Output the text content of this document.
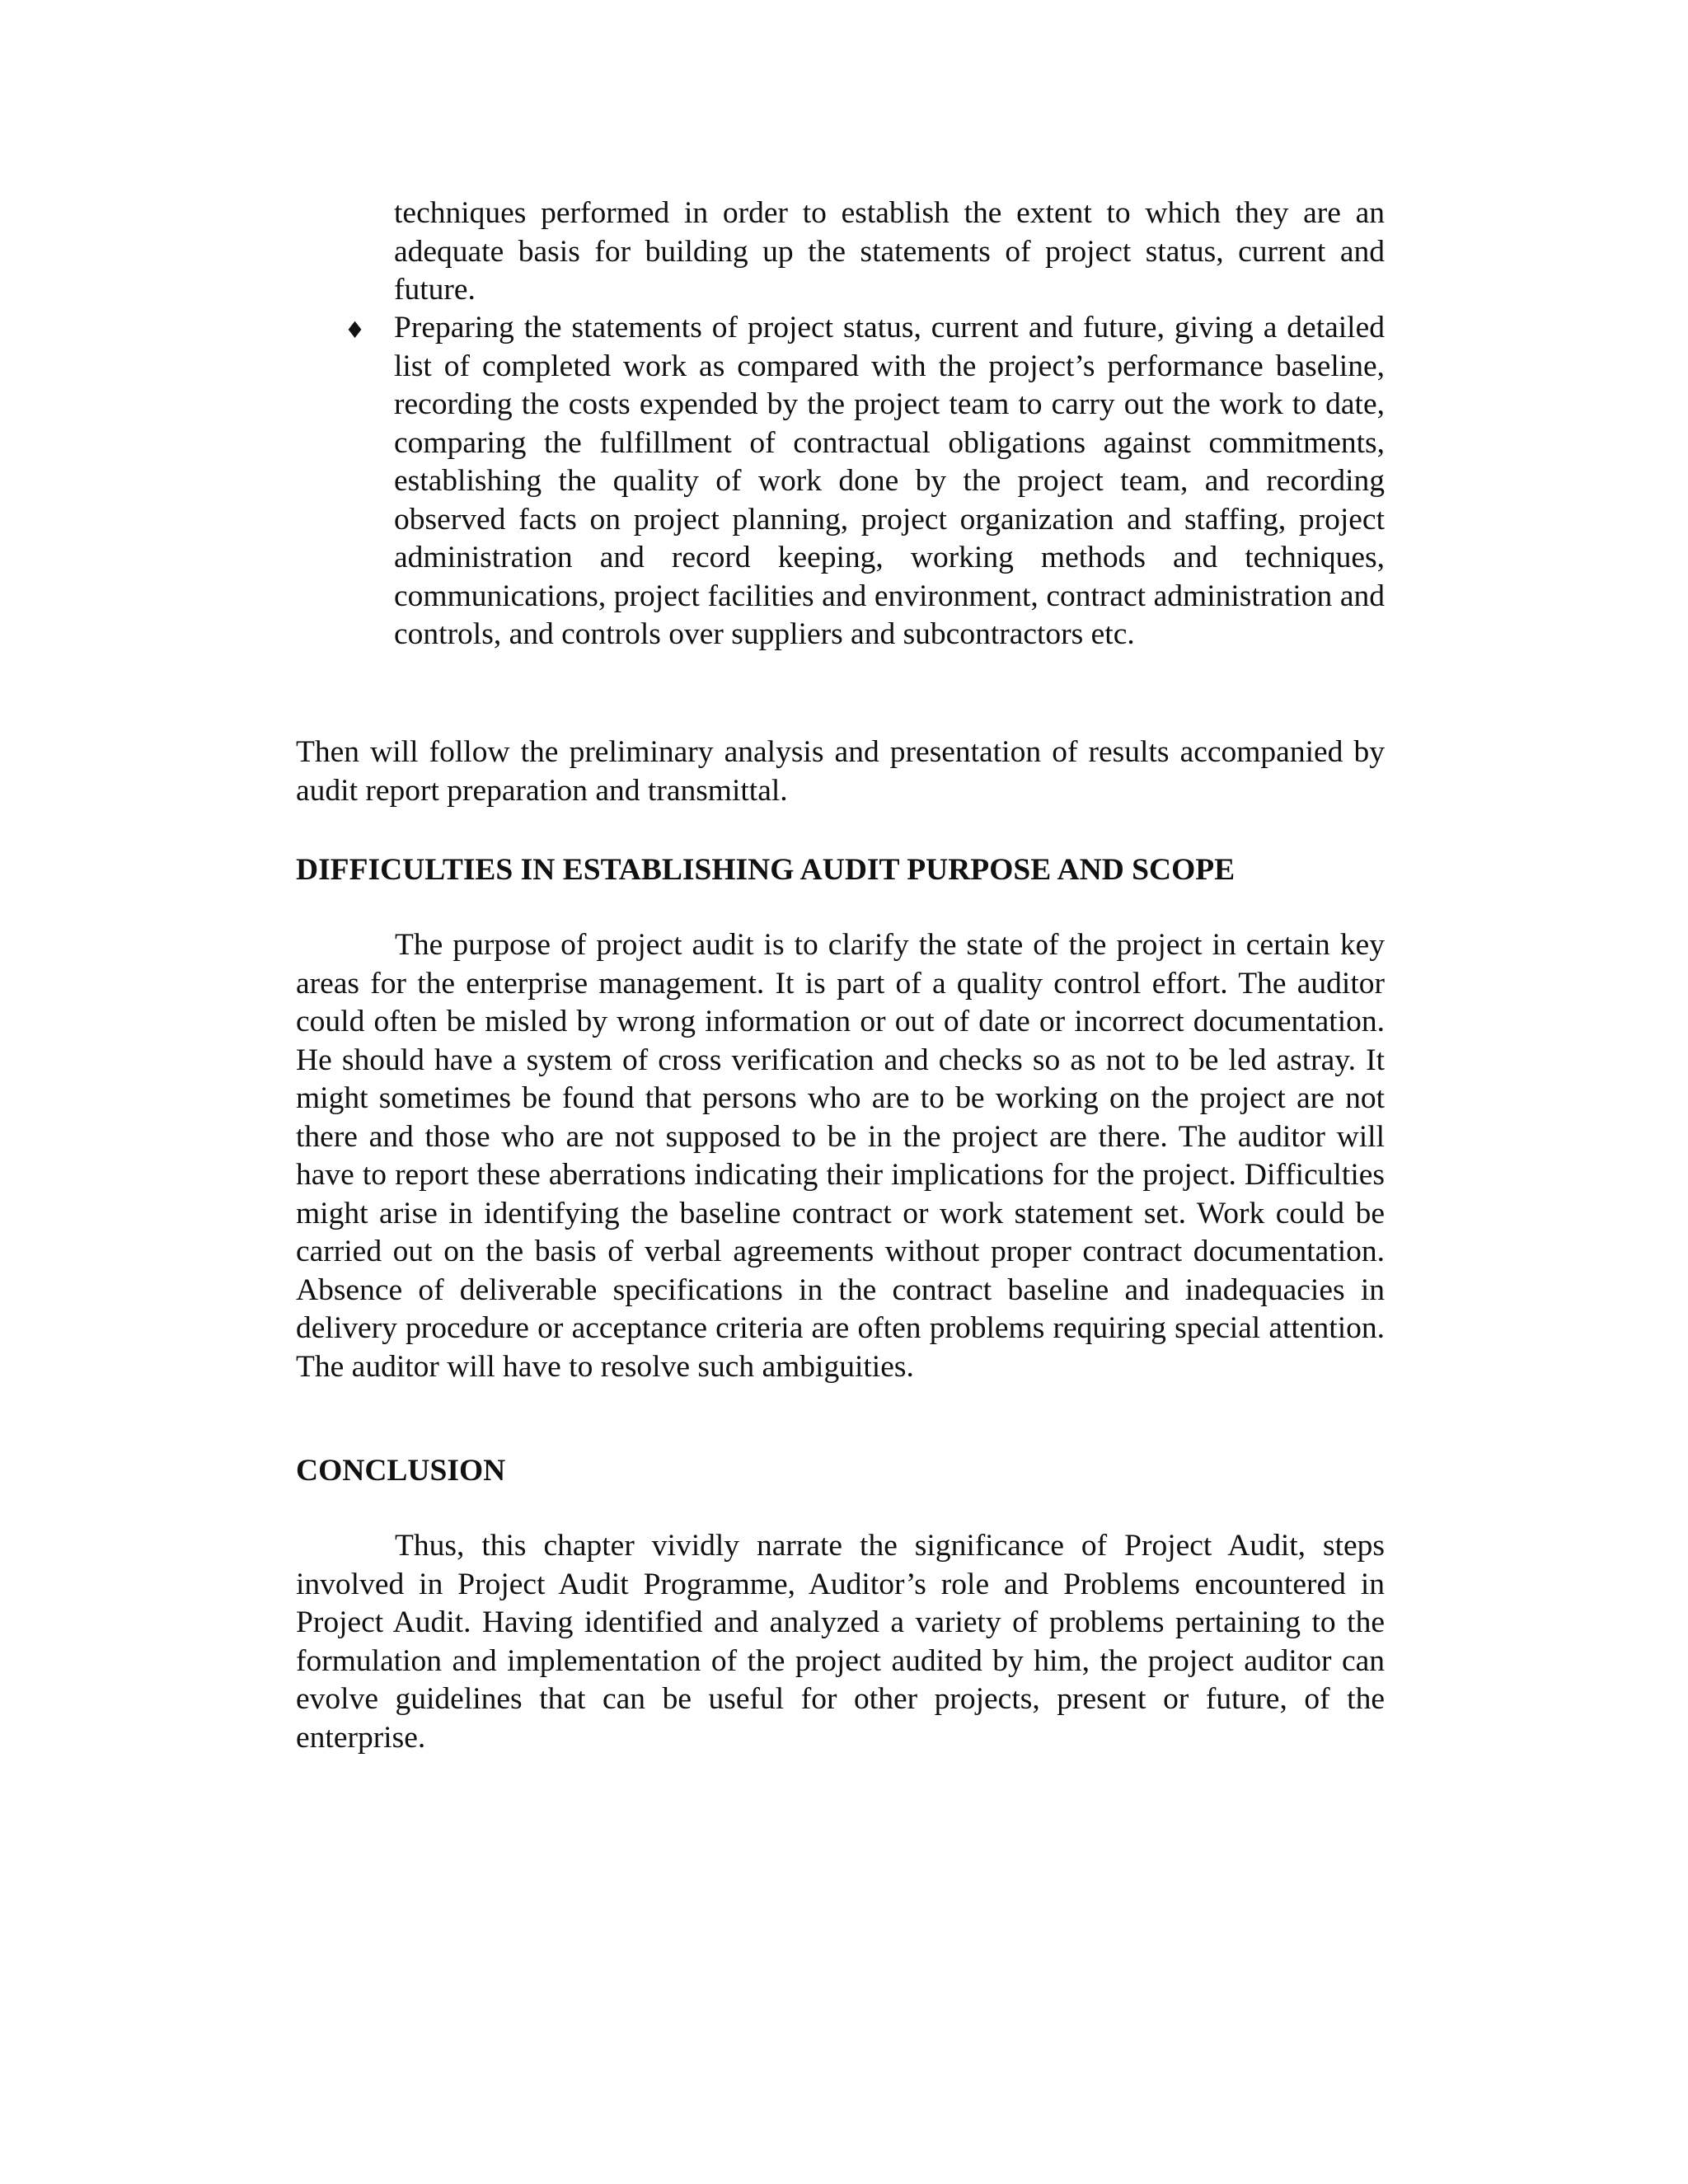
techniques performed in order to establish the extent to which they are an adequate basis for building up the statements of project status, current and future.

♦ Preparing the statements of project status, current and future, giving a detailed list of completed work as compared with the project’s performance baseline, recording the costs expended by the project team to carry out the work to date, comparing the fulfillment of contractual obligations against commitments, establishing the quality of work done by the project team, and recording observed facts on project planning, project organization and staffing, project administration and record keeping, working methods and techniques, communications, project facilities and environment, contract administration and controls, and controls over suppliers and subcontractors etc.

Then will follow the preliminary analysis and presentation of results accompanied by audit report preparation and transmittal.

DIFFICULTIES IN ESTABLISHING AUDIT PURPOSE AND SCOPE

The purpose of project audit is to clarify the state of the project in certain key areas for the enterprise management. It is part of a quality control effort. The auditor could often be misled by wrong information or out of date or incorrect documentation. He should have a system of cross verification and checks so as not to be led astray. It might sometimes be found that persons who are to be working on the project are not there and those who are not supposed to be in the project are there. The auditor will have to report these aberrations indicating their implications for the project. Difficulties might arise in identifying the baseline contract or work statement set. Work could be carried out on the basis of verbal agreements without proper contract documentation. Absence of deliverable specifications in the contract baseline and inadequacies in delivery procedure or acceptance criteria are often problems requiring special attention. The auditor will have to resolve such ambiguities.

CONCLUSION

Thus, this chapter vividly narrate the significance of Project Audit, steps involved in Project Audit Programme, Auditor’s role and Problems encountered in Project Audit. Having identified and analyzed a variety of problems pertaining to the formulation and implementation of the project audited by him, the project auditor can evolve guidelines that can be useful for other projects, present or future, of the enterprise.
